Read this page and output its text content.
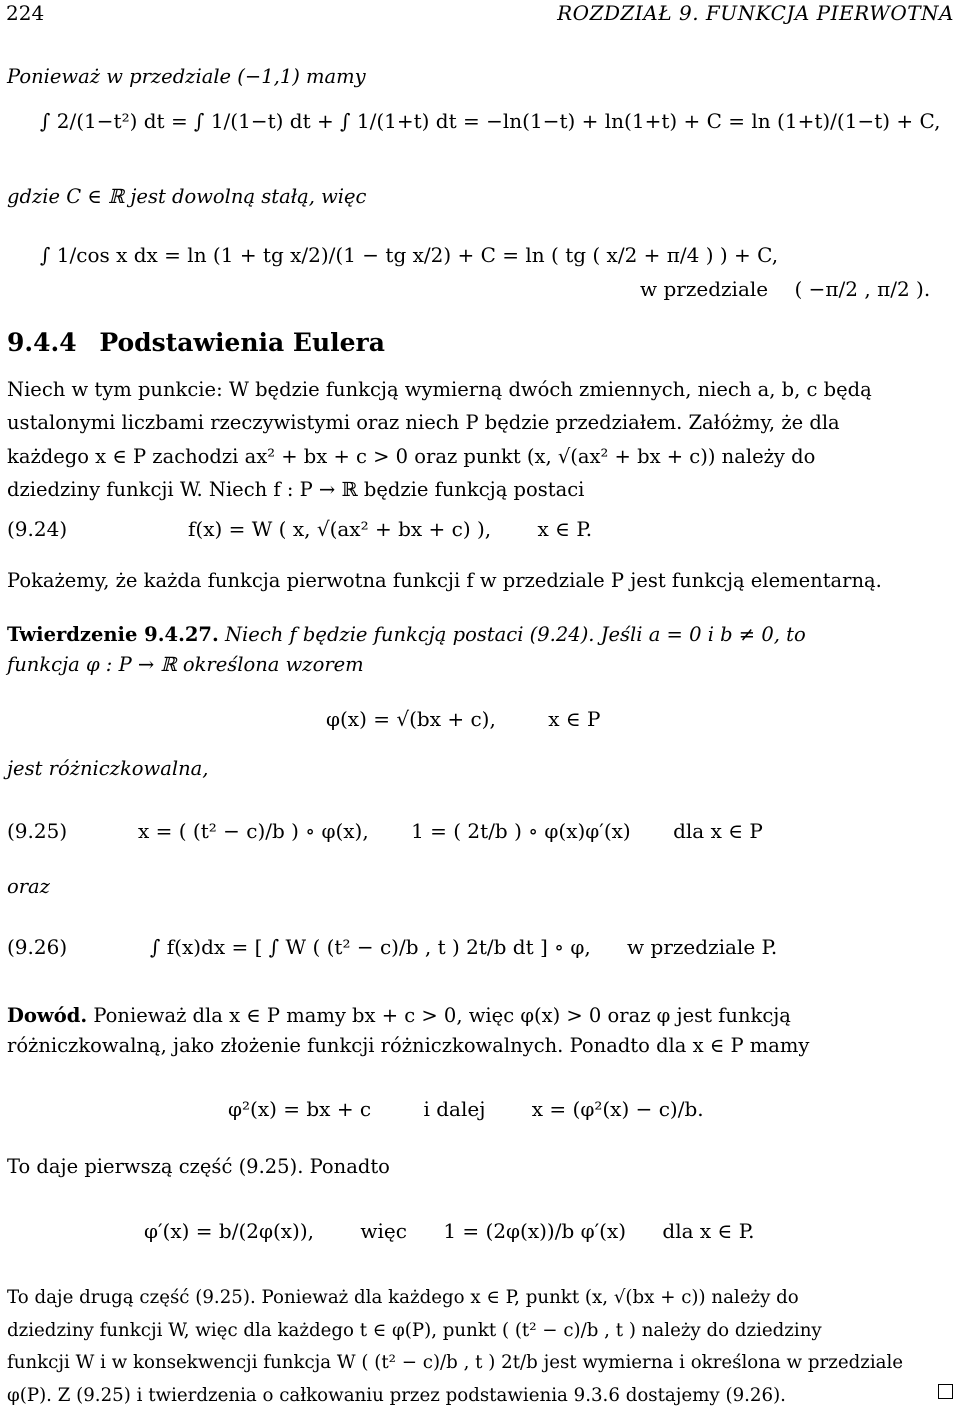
224	ROZDZIAŁ 9. FUNKCJA PIERWOTNA
Ponieważ w przedziale (−1,1) mamy
∫ 2/(1−t²) dt = ∫ 1/(1−t) dt + ∫ 1/(1+t) dt = −ln(1−t) + ln(1+t) + C = ln (1+t)/(1−t) + C,
gdzie C ∈ ℝ jest dowolną stałą, więc
∫ 1/cos x dx = ln (1 + tg x/2)/(1 − tg x/2) + C = ln ( tg ( x/2 + π/4 ) ) + C,
w przedziale ( −π/2 , π/2 ).
9.4.4 Podstawienia Eulera

Niech w tym punkcie: W będzie funkcją wymierną dwóch zmiennych, niech a, b, c będą

ustalonymi liczbami rzeczywistymi oraz niech P będzie przedziałem. Załóżmy, że dla

każdego x ∈ P zachodzi ax² + bx + c > 0 oraz punkt (x, √(ax² + bx + c)) należy do

dziedziny funkcji W. Niech f : P → ℝ będzie funkcją postaci

(9.24)	f(x) = W ( x, √(ax² + bx + c) ), x ∈ P.
Pokażemy, że każda funkcja pierwotna funkcji f w przedziale P jest funkcją elementarną.
Twierdzenie 9.4.27. Niech f będzie funkcją postaci (9.24). Jeśli a = 0 i b ≠ 0, to
funkcja φ : P → ℝ określona wzorem
φ(x) = √(bx + c),	x ∈ P
jest różniczkowalna,
(9.25)	x = ( (t² − c)/b ) ∘ φ(x), 1 = ( 2t/b ) ∘ φ(x)φ′(x) dla x ∈ P
oraz
(9.26)	∫ f(x)dx = [ ∫ W ( (t² − c)/b , t ) 2t/b dt ] ∘ φ, w przedziale P.
Dowód. Ponieważ dla x ∈ P mamy bx + c > 0, więc φ(x) > 0 oraz φ jest funkcją
różniczkowalną, jako złożenie funkcji różniczkowalnych. Ponadto dla x ∈ P mamy
φ²(x) = bx + c	i dalej x = (φ²(x) − c)/b.
To daje pierwszą część (9.25). Ponadto
φ′(x) = b/(2φ(x)), więc 1 = (2φ(x))/b φ′(x) dla x ∈ P.

To daje drugą część (9.25). Ponieważ dla każdego x ∈ P, punkt (x, √(bx + c)) należy do

dziedziny funkcji W, więc dla każdego t ∈ φ(P), punkt ( (t² − c)/b , t ) należy do dziedziny

funkcji W i w konsekwencji funkcja W ( (t² − c)/b , t ) 2t/b jest wymierna i określona w przedziale

φ(P). Z (9.25) i twierdzenia o całkowaniu przez podstawienia 9.3.6 dostajemy (9.26).
